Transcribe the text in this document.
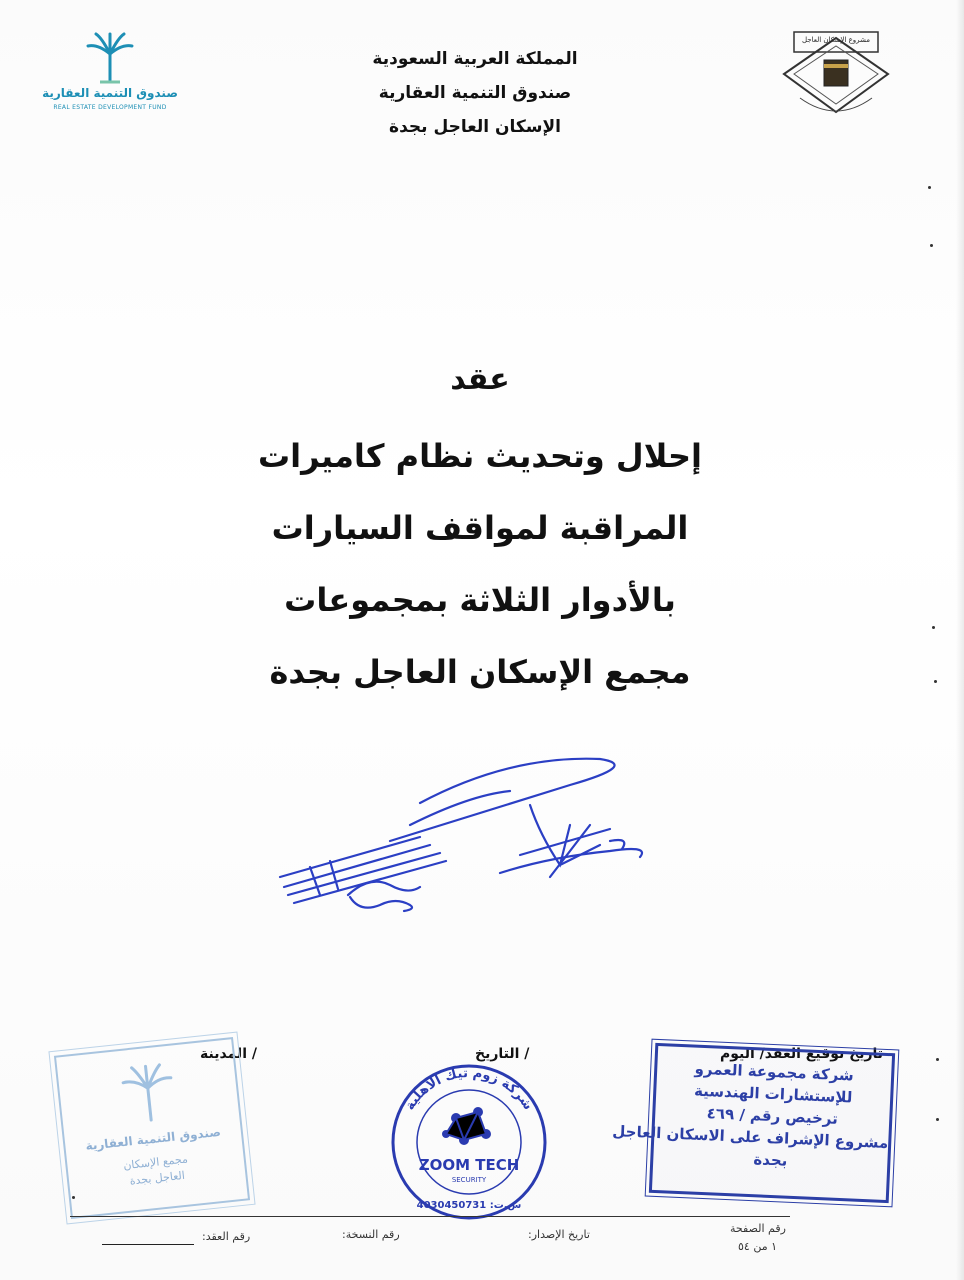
صندوق التنمية العقارية
REAL ESTATE DEVELOPMENT FUND
المملكة العربية السعودية
صندوق التنمية العقارية
الإسكان العاجل بجدة
مشروع الإسكان العاجل
عقد
إحلال وتحديث نظام كاميرات
المراقبة لمواقف السيارات
بالأدوار الثلاثة بمجموعات
مجمع الإسكان العاجل بجدة
/ المدينة	/ التاريخ	تاريخ توقيع العقد/ اليوم
صندوق التنمية العقارية
مجمع الإسكان
العاجل بجدة
شركة زوم تيك الأهلية
ZOOM TECH
SECURITY
4030450731 :س.ت
شركة مجموعة العمرو
للإستشارات الهندسية
ترخيص رقم / ٤٦٩
مشروع الإشراف على الاسكان العاجل
بجدة
رقم الصفحة
١ من ٥٤
تاريخ الإصدار:
رقم النسخة:
رقم العقد:
